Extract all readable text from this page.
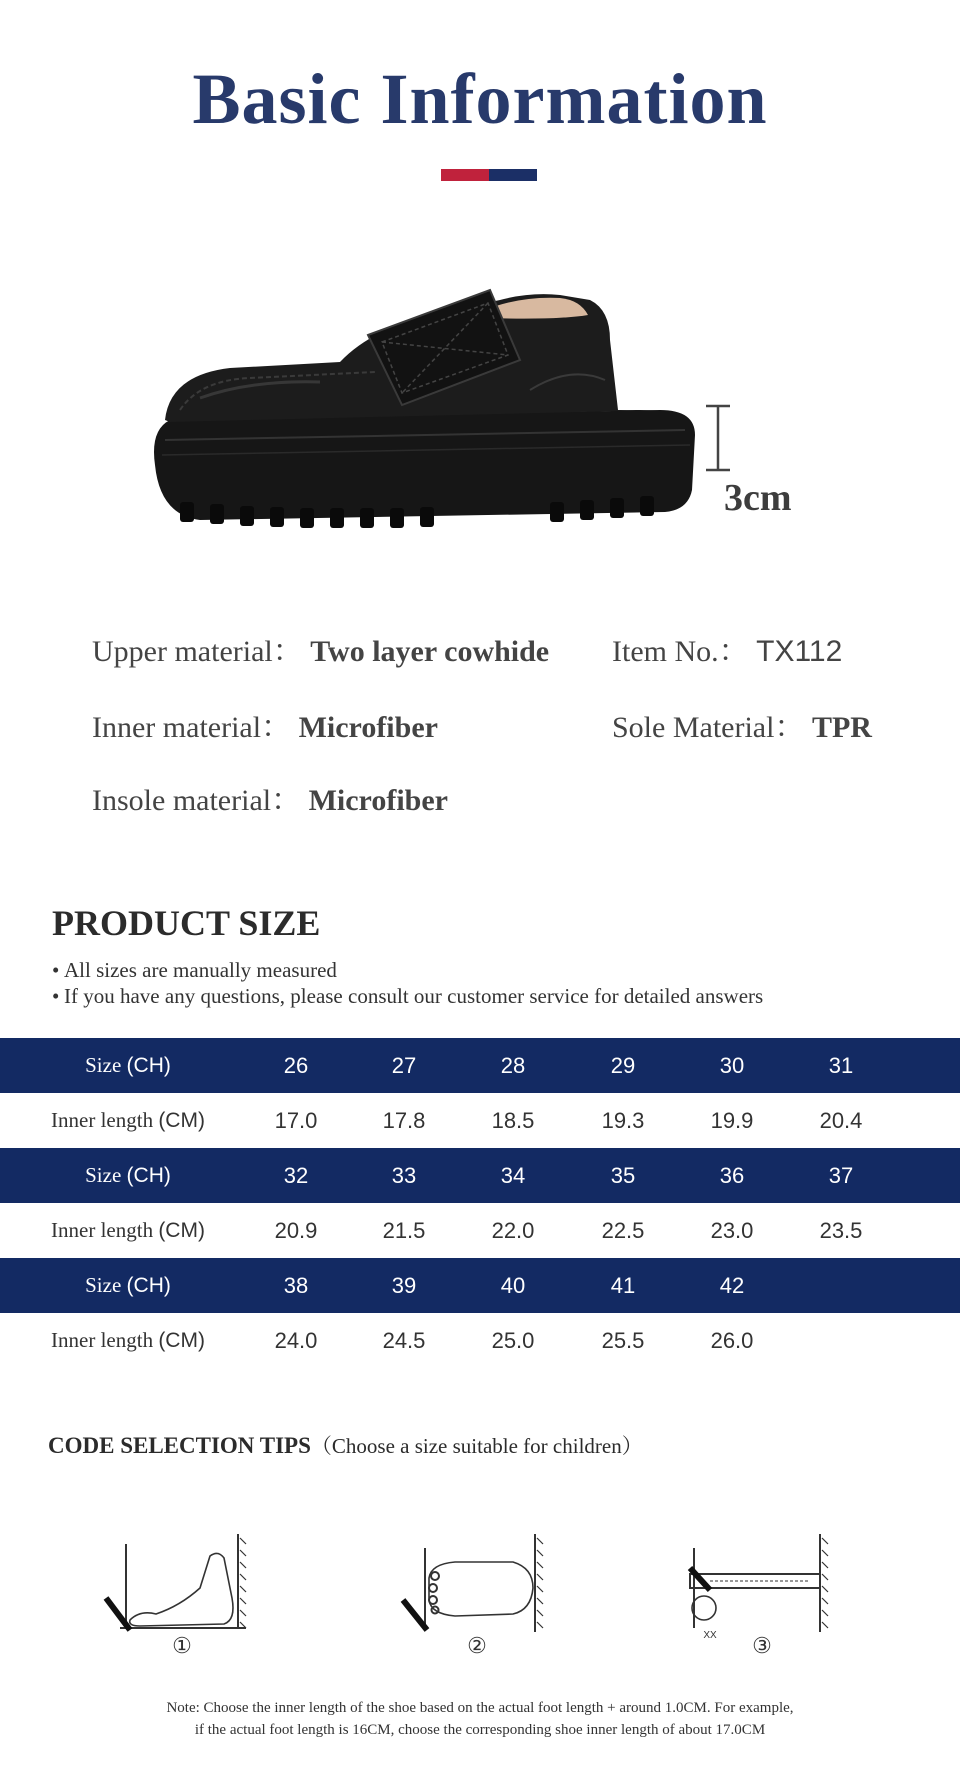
Basic Information
3cm
Upper material： Two layer cowhide Item No.： TX112
Inner material： Microfiber	Sole Material： TPR
Insole material： Microfiber
PRODUCT SIZE
• All sizes are manually measured
• If you have any questions, please consult our customer service for detailed answers
Size (CH)	26	27	28	29	30	31
Inner length (CM)	17.0	17.8	18.5	19.3	19.9	20.4
Size (CH)	32	33	34	35	36	37
Inner length (CM)	20.9	21.5	22.0	22.5	23.0	23.5
Size (CH)	38	39	40	41	42
Inner length (CM)	24.0	24.5	25.0	25.5	26.0
CODE SELECTION TIPS（Choose a size suitable for children）
①	②	XX ③
Note: Choose the inner length of the shoe based on the actual foot length + around 1.0CM. For example,
if the actual foot length is 16CM, choose the corresponding shoe inner length of about 17.0CM
